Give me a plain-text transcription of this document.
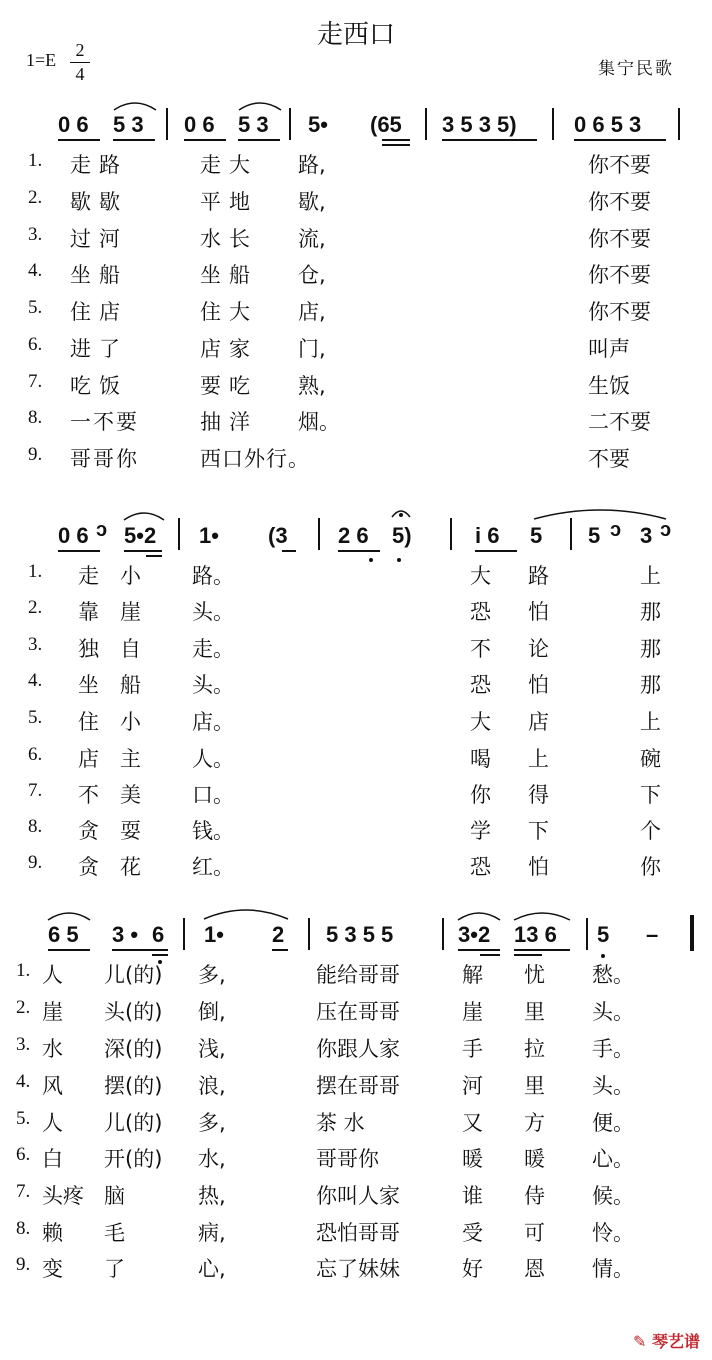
走西口
1=E	2
4	集宁民歌
0 6 5 3 0 6 5 3 5• (65 3 5 3 5)	0 6 5 3
1. 走路	走大 路,	你不要
2. 歇歇	平地 歇,	你不要
3. 过河	水长 流,	你不要
4. 坐船	坐船 仓,	你不要
5. 住店	住大 店,	你不要
6. 进了	店家 门,	叫声
7. 吃饭	要吃 熟,	生饭
8. 一不要	抽洋 烟。	二不要
9. 哥哥你	西口外行。	不要
0 6 ↄ 5•2 1• (3 2 6 5)	i 6 5 5 ↄ 3 ↄ
1. 走 小 路。	大 路	上
2. 靠 崖 头。	恐 怕	那
3. 独 自 走。	不 论	那
4. 坐 船 头。	恐 怕	那
5. 住 小 店。	大 店	上
6. 店 主 人。	喝 上	碗
7. 不 美 口。	你 得	下
8. 贪 耍 钱。	学 下	个
9. 贪 花 红。	恐 怕	你
6 5 3 • 6 1• 2 5 3 5 5	3•2 13 6 5 –
1. 人 儿(的) 多,	能给哥哥	解 忧 愁。
2. 崖 头(的) 倒,	压在哥哥	崖 里 头。
3. 水 深(的) 浅,	你跟人家	手 拉 手。
4. 风 摆(的) 浪,	摆在哥哥	河 里 头。
5. 人 儿(的) 多,	茶 水	又 方 便。
6. 白 开(的) 水,	哥哥你	暖 暖 心。
7. 头疼 脑	热,	你叫人家	谁 侍 候。
8. 赖 毛	病,	恐怕哥哥	受 可 怜。
9. 变 了	心,	忘了妹妹	好 恩 情。
✎ 琴艺谱
